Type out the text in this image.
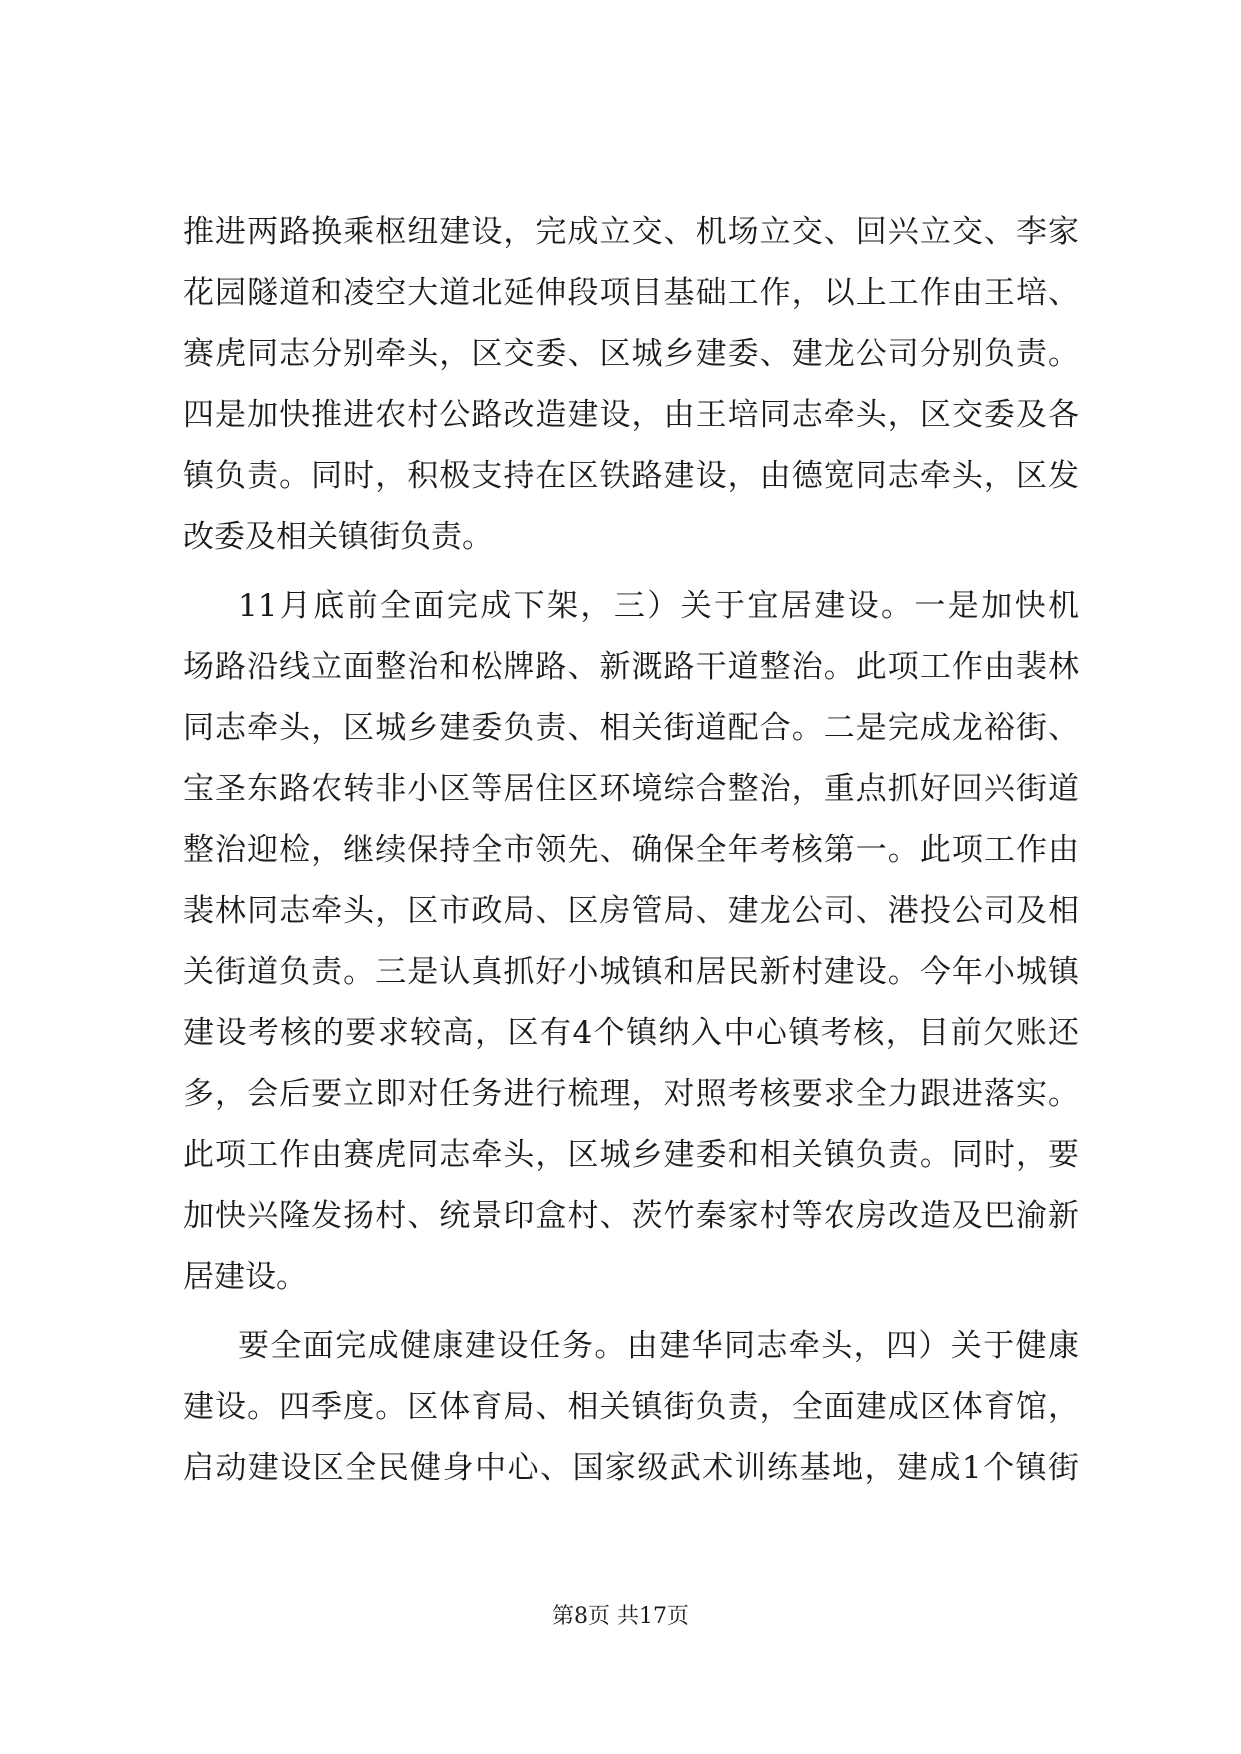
推进两路换乘枢纽建设，完成立交、机场立交、回兴立交、李家
花园隧道和凌空大道北延伸段项目基础工作，以上工作由王培、
赛虎同志分别牵头，区交委、区城乡建委、建龙公司分别负责。
四是加快推进农村公路改造建设，由王培同志牵头，区交委及各
镇负责。同时，积极支持在区铁路建设，由德宽同志牵头，区发
改委及相关镇街负责。
11月底前全面完成下架，三）关于宜居建设。一是加快机
场路沿线立面整治和松牌路、新溉路干道整治。此项工作由裴林
同志牵头，区城乡建委负责、相关街道配合。二是完成龙裕街、
宝圣东路农转非小区等居住区环境综合整治，重点抓好回兴街道
整治迎检，继续保持全市领先、确保全年考核第一。此项工作由
裴林同志牵头，区市政局、区房管局、建龙公司、港投公司及相
关街道负责。三是认真抓好小城镇和居民新村建设。今年小城镇
建设考核的要求较高，区有4个镇纳入中心镇考核，目前欠账还
多，会后要立即对任务进行梳理，对照考核要求全力跟进落实。
此项工作由赛虎同志牵头，区城乡建委和相关镇负责。同时，要
加快兴隆发扬村、统景印盒村、茨竹秦家村等农房改造及巴渝新
居建设。
要全面完成健康建设任务。由建华同志牵头，四）关于健康
建设。四季度。区体育局、相关镇街负责，全面建成区体育馆，
启动建设区全民健身中心、国家级武术训练基地，建成1个镇街
第8页 共17页
